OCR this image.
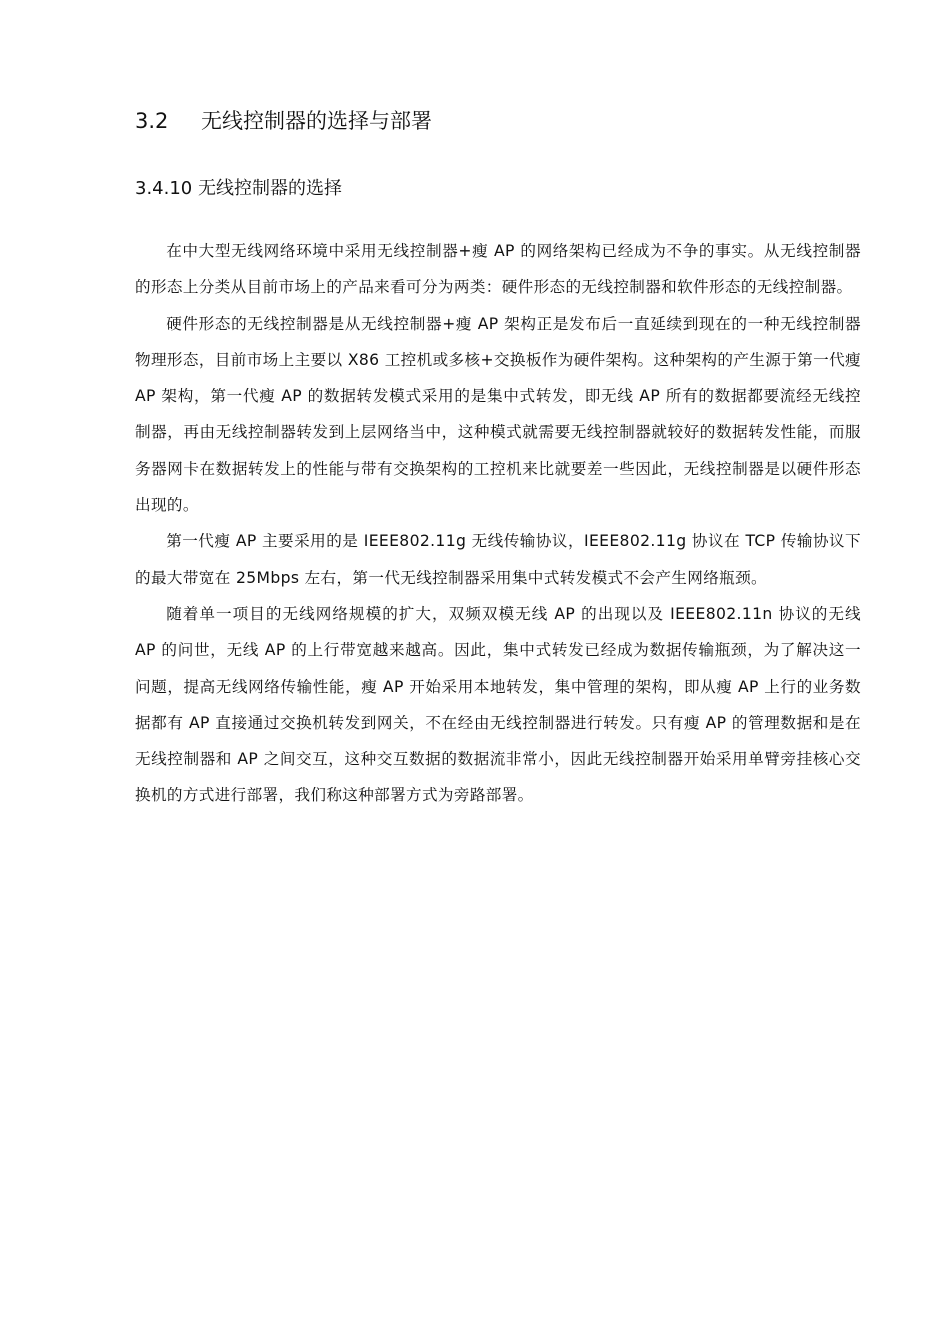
3.2 无线控制器的选择与部署
3.4.10 无线控制器的选择

在中大型无线网络环境中采用无线控制器+瘦 AP 的网络架构已经成为不争的事实。从无线控制器的形态上分类从目前市场上的产品来看可分为两类：硬件形态的无线控制器和软件形态的无线控制器。

硬件形态的无线控制器是从无线控制器+瘦 AP 架构正是发布后一直延续到现在的一种无线控制器物理形态，目前市场上主要以 X86 工控机或多核+交换板作为硬件架构。这种架构的产生源于第一代瘦 AP 架构，第一代瘦 AP 的数据转发模式采用的是集中式转发，即无线 AP 所有的数据都要流经无线控制器，再由无线控制器转发到上层网络当中，这种模式就需要无线控制器就较好的数据转发性能，而服务器网卡在数据转发上的性能与带有交换架构的工控机来比就要差一些因此，无线控制器是以硬件形态出现的。

第一代瘦 AP 主要采用的是 IEEE802.11g 无线传输协议，IEEE802.11g 协议在 TCP 传输协议下的最大带宽在 25Mbps 左右，第一代无线控制器采用集中式转发模式不会产生网络瓶颈。

随着单一项目的无线网络规模的扩大，双频双模无线 AP 的出现以及 IEEE802.11n 协议的无线 AP 的问世，无线 AP 的上行带宽越来越高。因此，集中式转发已经成为数据传输瓶颈，为了解决这一问题，提高无线网络传输性能，瘦 AP 开始采用本地转发，集中管理的架构，即从瘦 AP 上行的业务数据都有 AP 直接通过交换机转发到网关，不在经由无线控制器进行转发。只有瘦 AP 的管理数据和是在无线控制器和 AP 之间交互，这种交互数据的数据流非常小，因此无线控制器开始采用单臂旁挂核心交换机的方式进行部署，我们称这种部署方式为旁路部署。
